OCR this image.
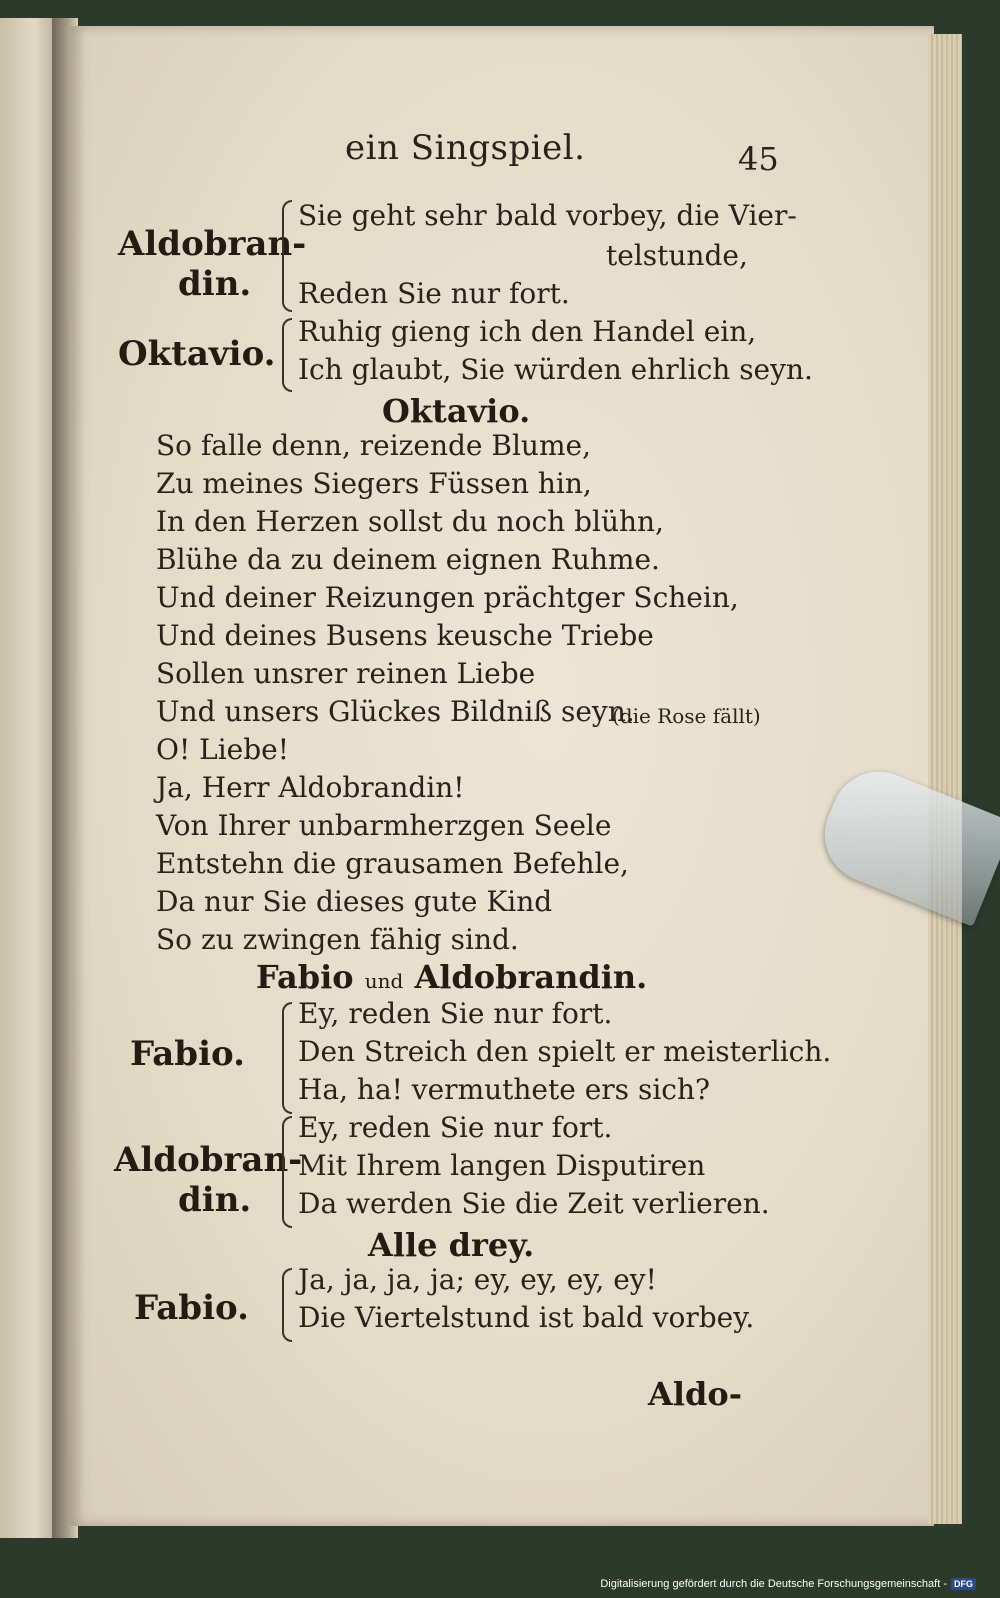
ein Singspiel.	45
Aldobran-
din.
Sie geht sehr bald vorbey, die Vier-
telstunde,
Reden Sie nur fort.
Oktavio.
Ruhig gieng ich den Handel ein,
Ich glaubt, Sie würden ehrlich seyn.
Oktavio.
So falle denn, reizende Blume,
Zu meines Siegers Füssen hin,
In den Herzen sollst du noch blühn,
Blühe da zu deinem eignen Ruhme.
Und deiner Reizungen prächtger Schein,
Und deines Busens keusche Triebe
Sollen unsrer reinen Liebe
Und unsers Glückes Bildniß seyn.
(die Rose fällt)
O! Liebe!
Ja, Herr Aldobrandin!
Von Ihrer unbarmherzgen Seele
Entstehn die grausamen Befehle,
Da nur Sie dieses gute Kind
So zu zwingen fähig sind.
Fabio und Aldobrandin.
Fabio.
Ey, reden Sie nur fort.
Den Streich den spielt er meisterlich.
Ha, ha! vermuthete ers sich?
Aldobran-
din.
Ey, reden Sie nur fort.
Mit Ihrem langen Disputiren
Da werden Sie die Zeit verlieren.
Alle drey.
Fabio.
Ja, ja, ja, ja; ey, ey, ey, ey!
Die Viertelstund ist bald vorbey.
Aldo-
Digitalisierung gefördert durch die Deutsche Forschungsgemeinschaft - DFG
